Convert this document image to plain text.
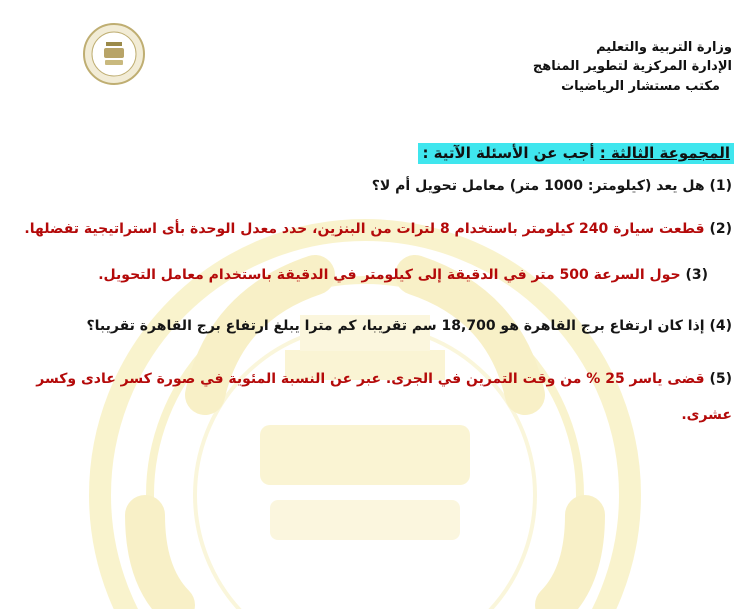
وزارة التربية والتعليم
الإدارة المركزية لتطوير المناهج
مكتب مستشار الرياضيات
المجموعة الثالثة : أجب عن الأسئلة الآتية :
(1) هل يعد (كيلومتر: 1000 متر) معامل تحويل أم لا؟
(2) قطعت سيارة 240 كيلومتر باستخدام 8 لترات من البنزين، حدد معدل الوحدة بأى استراتيجية تفضلها.
(3) حول السرعة 500 متر في الدقيقة إلى كيلومتر في الدقيقة باستخدام معامل التحويل.
(4) إذا كان ارتفاع برج القاهرة هو 18,700 سم تقريبا، كم مترا يبلغ ارتفاع برج القاهرة تقريبا؟
(5) قضى ياسر 25 % من وقت التمرين في الجرى. عبر عن النسبة المئوية في صورة كسر عادى وكسر عشرى.
